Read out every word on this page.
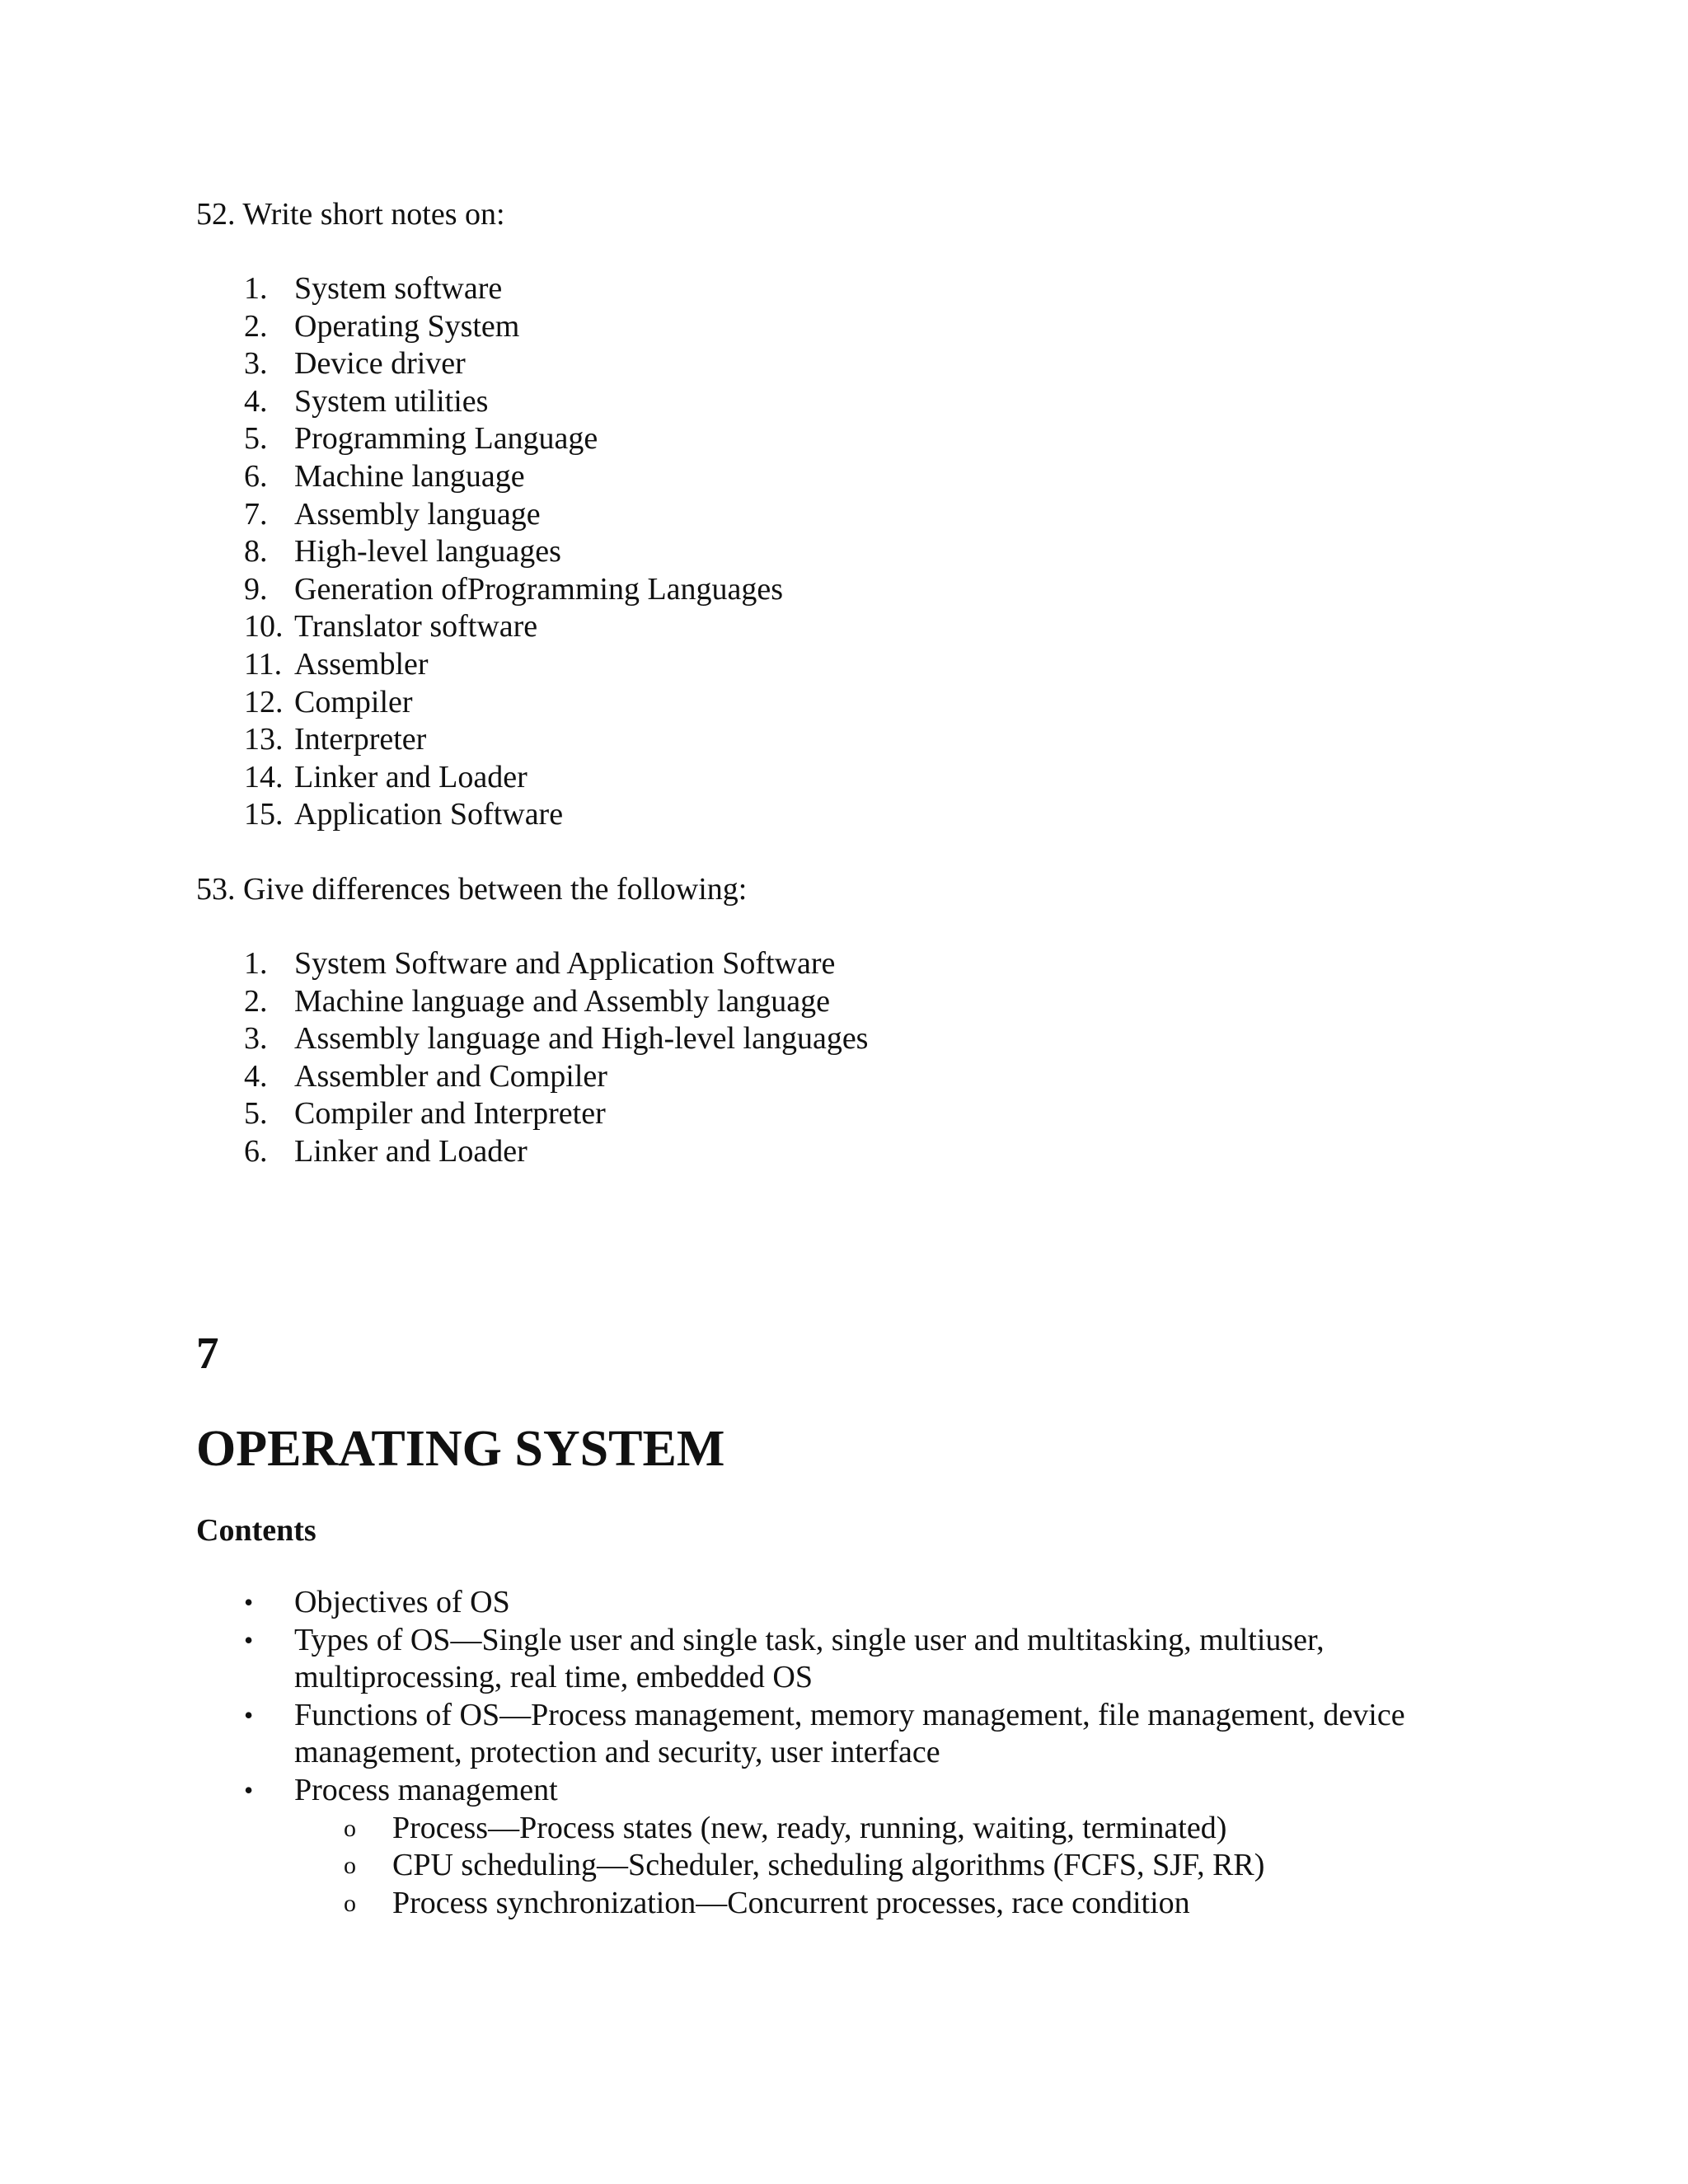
52. Write short notes on:
1. System software
2. Operating System
3. Device driver
4. System utilities
5. Programming Language
6. Machine language
7. Assembly language
8. High-level languages
9. Generation ofProgramming Languages
10. Translator software
11. Assembler
12. Compiler
13. Interpreter
14. Linker and Loader
15. Application Software
53. Give differences between the following:
1. System Software and Application Software
2. Machine language and Assembly language
3. Assembly language and High-level languages
4. Assembler and Compiler
5. Compiler and Interpreter
6. Linker and Loader
7
OPERATING SYSTEM
Contents
• Objectives of OS
• Types of OS—Single user and single task, single user and multitasking, multiuser, multiprocessing, real time, embedded OS
• Functions of OS—Process management, memory management, file management, device management, protection and security, user interface
• Process management
o Process—Process states (new, ready, running, waiting, terminated)
o CPU scheduling—Scheduler, scheduling algorithms (FCFS, SJF, RR)
o Process synchronization—Concurrent processes, race condition
